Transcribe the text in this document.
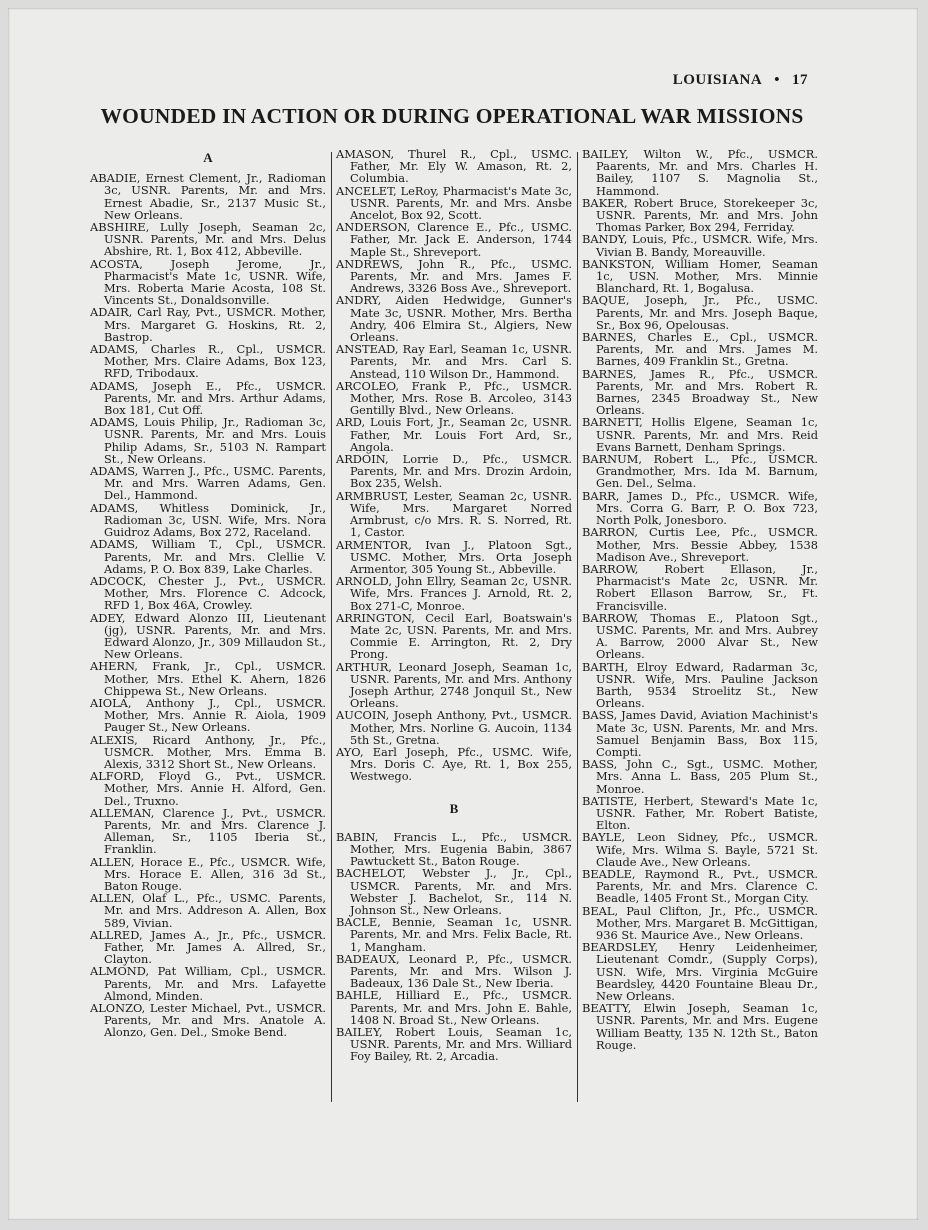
LOUISIANA • 17
WOUNDED IN ACTION OR DURING OPERATIONAL WAR MISSIONS
A

ABADIE, Ernest Clement, Jr., Radioman 3c, USNR. Parents, Mr. and Mrs. Ernest Abadie, Sr., 2137 Music St., New Orleans.

ABSHIRE, Lully Joseph, Seaman 2c, USNR. Parents, Mr. and Mrs. Delus Abshire, Rt. 1, Box 412, Abbeville.

ACOSTA, Joseph Jerome, Jr., Pharmacist's Mate 1c, USNR. Wife, Mrs. Roberta Marie Acosta, 108 St. Vincents St., Donaldsonville.

ADAIR, Carl Ray, Pvt., USMCR. Mother, Mrs. Margaret G. Hoskins, Rt. 2, Bastrop.

ADAMS, Charles R., Cpl., USMCR. Mother, Mrs. Claire Adams, Box 123, RFD, Tribodaux.

ADAMS, Joseph E., Pfc., USMCR. Parents, Mr. and Mrs. Arthur Adams, Box 181, Cut Off.

ADAMS, Louis Philip, Jr., Radioman 3c, USNR. Parents, Mr. and Mrs. Louis Philip Adams, Sr., 5103 N. Rampart St., New Orleans.

ADAMS, Warren J., Pfc., USMC. Parents, Mr. and Mrs. Warren Adams, Gen. Del., Hammond.

ADAMS, Whitless Dominick, Jr., Radioman 3c, USN. Wife, Mrs. Nora Guidroz Adams, Box 272, Raceland.

ADAMS, William T., Cpl., USMCR. Parents, Mr. and Mrs. Clellie V. Adams, P. O. Box 839, Lake Charles.

ADCOCK, Chester J., Pvt., USMCR. Mother, Mrs. Florence C. Adcock, RFD 1, Box 46A, Crowley.

ADEY, Edward Alonzo III, Lieutenant (jg), USNR. Parents, Mr. and Mrs. Edward Alonzo, Jr., 309 Millaudon St., New Orleans.

AHERN, Frank, Jr., Cpl., USMCR. Mother, Mrs. Ethel K. Ahern, 1826 Chippewa St., New Orleans.

AIOLA, Anthony J., Cpl., USMCR. Mother, Mrs. Annie R. Aiola, 1909 Pauger St., New Orleans.

ALEXIS, Ricard Anthony, Jr., Pfc., USMCR. Mother, Mrs. Emma B. Alexis, 3312 Short St., New Orleans.

ALFORD, Floyd G., Pvt., USMCR. Mother, Mrs. Annie H. Alford, Gen. Del., Truxno.

ALLEMAN, Clarence J., Pvt., USMCR. Parents, Mr. and Mrs. Clarence J. Alleman, Sr., 1105 Iberia St., Franklin.

ALLEN, Horace E., Pfc., USMCR. Wife, Mrs. Horace E. Allen, 316 3d St., Baton Rouge.

ALLEN, Olaf L., Pfc., USMC. Parents, Mr. and Mrs. Addreson A. Allen, Box 589, Vivian.

ALLRED, James A., Jr., Pfc., USMCR. Father, Mr. James A. Allred, Sr., Clayton.

ALMOND, Pat William, Cpl., USMCR. Parents, Mr. and Mrs. Lafayette Almond, Minden.

ALONZO, Lester Michael, Pvt., USMCR. Parents, Mr. and Mrs. Anatole A. Alonzo, Gen. Del., Smoke Bend.

AMASON, Thurel R., Cpl., USMC. Father, Mr. Ely W. Amason, Rt. 2, Columbia.

ANCELET, LeRoy, Pharmacist's Mate 3c, USNR. Parents, Mr. and Mrs. Ansbe Ancelot, Box 92, Scott.

ANDERSON, Clarence E., Pfc., USMC. Father, Mr. Jack E. Anderson, 1744 Maple St., Shreveport.

ANDREWS, John R., Pfc., USMC. Parents, Mr. and Mrs. James F. Andrews, 3326 Boss Ave., Shreveport.

ANDRY, Aiden Hedwidge, Gunner's Mate 3c, USNR. Mother, Mrs. Bertha Andry, 406 Elmira St., Algiers, New Orleans.

ANSTEAD, Ray Earl, Seaman 1c, USNR. Parents, Mr. and Mrs. Carl S. Anstead, 110 Wilson Dr., Hammond.

ARCOLEO, Frank P., Pfc., USMCR. Mother, Mrs. Rose B. Arcoleo, 3143 Gentilly Blvd., New Orleans.

ARD, Louis Fort, Jr., Seaman 2c, USNR. Father, Mr. Louis Fort Ard, Sr., Angola.

ARDOIN, Lorrie D., Pfc., USMCR. Parents, Mr. and Mrs. Drozin Ardoin, Box 235, Welsh.

ARMBRUST, Lester, Seaman 2c, USNR. Wife, Mrs. Margaret Norred Armbrust, c/o Mrs. R. S. Norred, Rt. 1, Castor.

ARMENTOR, Ivan J., Platoon Sgt., USMC. Mother, Mrs. Orta Joseph Armentor, 305 Young St., Abbeville.

ARNOLD, John Ellry, Seaman 2c, USNR. Wife, Mrs. Frances J. Arnold, Rt. 2, Box 271-C, Monroe.

ARRINGTON, Cecil Earl, Boatswain's Mate 2c, USN. Parents, Mr. and Mrs. Commie E. Arrington, Rt. 2, Dry Prong.

ARTHUR, Leonard Joseph, Seaman 1c, USNR. Parents, Mr. and Mrs. Anthony Joseph Arthur, 2748 Jonquil St., New Orleans.

AUCOIN, Joseph Anthony, Pvt., USMCR. Mother, Mrs. Norline G. Aucoin, 1134 5th St., Gretna.

AYO, Earl Joseph, Pfc., USMC. Wife, Mrs. Doris C. Aye, Rt. 1, Box 255, Westwego.

B

BABIN, Francis L., Pfc., USMCR. Mother, Mrs. Eugenia Babin, 3867 Pawtuckett St., Baton Rouge.

BACHELOT, Webster J., Jr., Cpl., USMCR. Parents, Mr. and Mrs. Webster J. Bachelot, Sr., 114 N. Johnson St., New Orleans.

BACLE, Bennie, Seaman 1c, USNR. Parents, Mr. and Mrs. Felix Bacle, Rt. 1, Mangham.

BADEAUX, Leonard P., Pfc., USMCR. Parents, Mr. and Mrs. Wilson J. Badeaux, 136 Dale St., New Iberia.

BAHLE, Hilliard E., Pfc., USMCR. Parents, Mr. and Mrs. John E. Bahle, 1408 N. Broad St., New Orleans.

BAILEY, Robert Louis, Seaman 1c, USNR. Parents, Mr. and Mrs. Williard Foy Bailey, Rt. 2, Arcadia.

BAILEY, Wilton W., Pfc., USMCR. Paarents, Mr. and Mrs. Charles H. Bailey, 1107 S. Magnolia St., Hammond.

BAKER, Robert Bruce, Storekeeper 3c, USNR. Parents, Mr. and Mrs. John Thomas Parker, Box 294, Ferriday.

BANDY, Louis, Pfc., USMCR. Wife, Mrs. Vivian B. Bandy, Moreauville.

BANKSTON, William Homer, Seaman 1c, USN. Mother, Mrs. Minnie Blanchard, Rt. 1, Bogalusa.

BAQUE, Joseph, Jr., Pfc., USMC. Parents, Mr. and Mrs. Joseph Baque, Sr., Box 96, Opelousas.

BARNES, Charles E., Cpl., USMCR. Parents, Mr. and Mrs. James M. Barnes, 409 Franklin St., Gretna.

BARNES, James R., Pfc., USMCR. Parents, Mr. and Mrs. Robert R. Barnes, 2345 Broadway St., New Orleans.

BARNETT, Hollis Elgene, Seaman 1c, USNR. Parents, Mr. and Mrs. Reid Evans Barnett, Denham Springs.

BARNUM, Robert L., Pfc., USMCR. Grandmother, Mrs. Ida M. Barnum, Gen. Del., Selma.

BARR, James D., Pfc., USMCR. Wife, Mrs. Corra G. Barr, P. O. Box 723, North Polk, Jonesboro.

BARRON, Curtis Lee, Pfc., USMCR. Mother, Mrs. Bessie Abbey, 1538 Madison Ave., Shreveport.

BARROW, Robert Ellason, Jr., Pharmacist's Mate 2c, USNR. Mr. Robert Ellason Barrow, Sr., Ft. Francisville.

BARROW, Thomas E., Platoon Sgt., USMC. Parents, Mr. and Mrs. Aubrey A. Barrow, 2000 Alvar St., New Orleans.

BARTH, Elroy Edward, Radarman 3c, USNR. Wife, Mrs. Pauline Jackson Barth, 9534 Stroelitz St., New Orleans.

BASS, James David, Aviation Machinist's Mate 3c, USN. Parents, Mr. and Mrs. Samuel Benjamin Bass, Box 115, Compti.

BASS, John C., Sgt., USMC. Mother, Mrs. Anna L. Bass, 205 Plum St., Monroe.

BATISTE, Herbert, Steward's Mate 1c, USNR. Father, Mr. Robert Batiste, Elton.

BAYLE, Leon Sidney, Pfc., USMCR. Wife, Mrs. Wilma S. Bayle, 5721 St. Claude Ave., New Orleans.

BEADLE, Raymond R., Pvt., USMCR. Parents, Mr. and Mrs. Clarence C. Beadle, 1405 Front St., Morgan City.

BEAL, Paul Clifton, Jr., Pfc., USMCR. Mother, Mrs. Margaret B. McGittigan, 936 St. Maurice Ave., New Orleans.

BEARDSLEY, Henry Leidenheimer, Lieutenant Comdr., (Supply Corps), USN. Wife, Mrs. Virginia McGuire Beardsley, 4420 Fountaine Bleau Dr., New Orleans.

BEATTY, Elwin Joseph, Seaman 1c, USNR. Parents, Mr. and Mrs. Eugene William Beatty, 135 N. 12th St., Baton Rouge.
